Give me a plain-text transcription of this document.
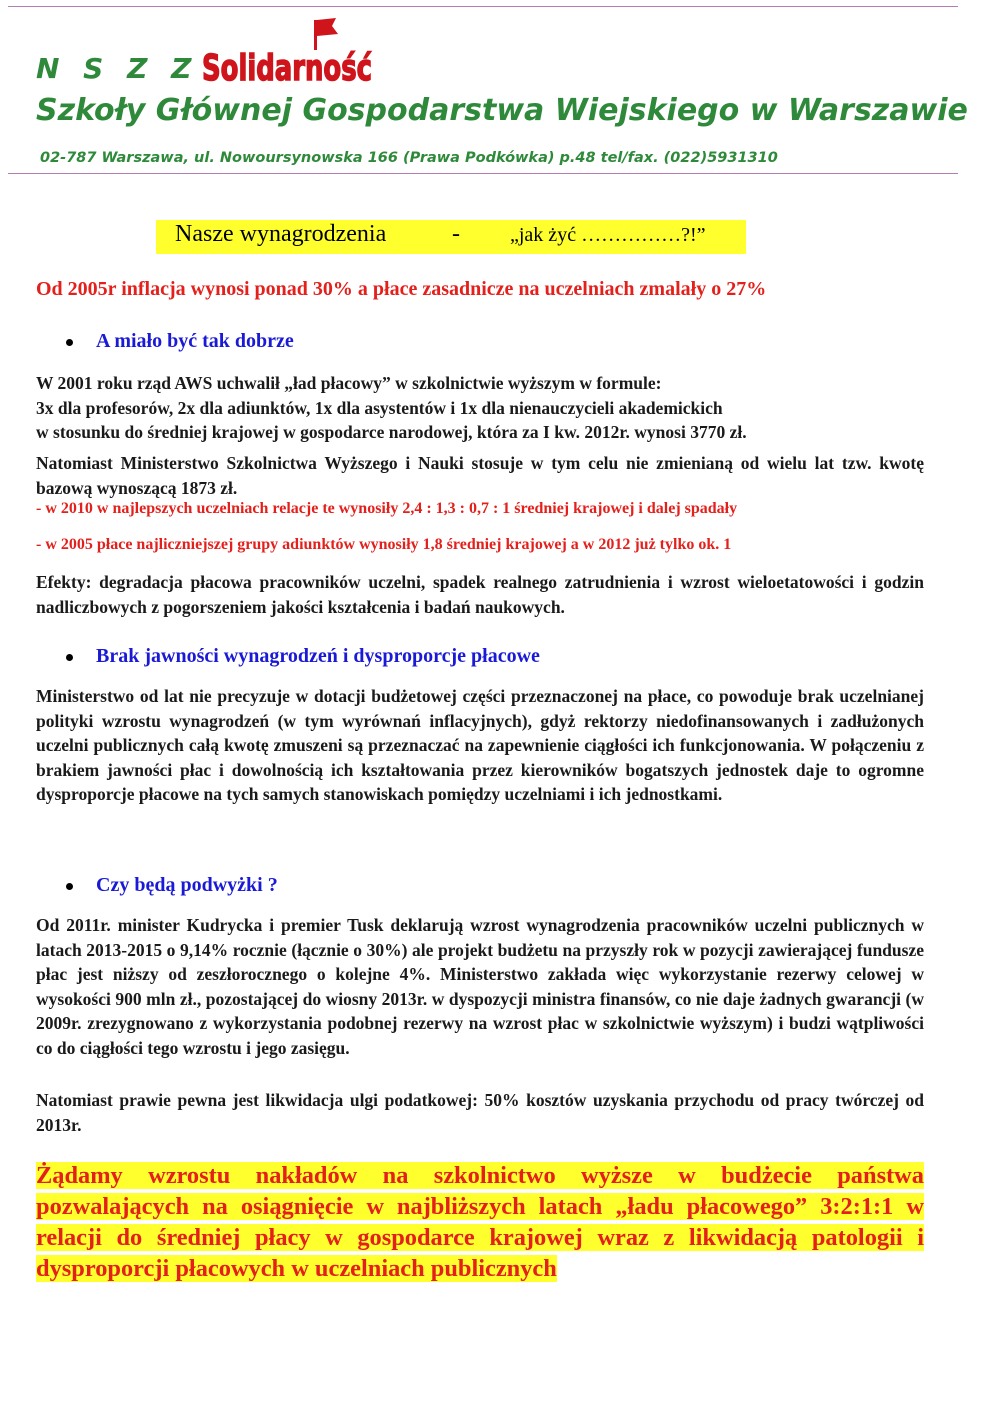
N S Z Z Solidarność
Szkoły Głównej Gospodarstwa Wiejskiego w Warszawie
02-787 Warszawa, ul. Nowoursynowska 166 (Prawa Podkówka) p.48 tel/fax. (022)5931310
Nasze wynagrodzenia	-	„jak żyć ……………?!”
Od 2005r inflacja wynosi ponad 30% a płace zasadnicze na uczelniach zmalały o 27%
A miało być tak dobrze
W 2001 roku rząd AWS uchwalił „ład płacowy” w szkolnictwie wyższym w formule:
3x dla profesorów, 2x dla adiunktów, 1x dla asystentów i 1x dla nienauczycieli akademickich
w stosunku do średniej krajowej w gospodarce narodowej, która za I kw. 2012r. wynosi 3770 zł.
Natomiast Ministerstwo Szkolnictwa Wyższego i Nauki stosuje w tym celu nie zmienianą od wielu lat tzw. kwotę bazową wynoszącą 1873 zł.
- w 2010 w najlepszych uczelniach relacje te wynosiły 2,4 : 1,3 : 0,7 : 1 średniej krajowej i dalej spadały
- w 2005 płace najliczniejszej grupy adiunktów wynosiły 1,8 średniej krajowej a w 2012 już tylko ok. 1
Efekty: degradacja płacowa pracowników uczelni, spadek realnego zatrudnienia i wzrost wieloetatowości i godzin nadliczbowych z pogorszeniem jakości kształcenia i badań naukowych.
Brak jawności wynagrodzeń i dysproporcje płacowe
Ministerstwo od lat nie precyzuje w dotacji budżetowej części przeznaczonej na płace, co powoduje brak uczelnianej polityki wzrostu wynagrodzeń (w tym wyrównań inflacyjnych), gdyż rektorzy niedofinansowanych i zadłużonych uczelni publicznych całą kwotę zmuszeni są przeznaczać na zapewnienie ciągłości ich funkcjonowania. W połączeniu z brakiem jawności płac i dowolnością ich kształtowania przez kierowników bogatszych jednostek daje to ogromne dysproporcje płacowe na tych samych stanowiskach pomiędzy uczelniami i ich jednostkami.
Czy będą podwyżki ?
Od 2011r. minister Kudrycka i premier Tusk deklarują wzrost wynagrodzenia pracowników uczelni publicznych w latach 2013-2015 o 9,14% rocznie (łącznie o 30%) ale projekt budżetu na przyszły rok w pozycji zawierającej fundusze płac jest niższy od zeszłorocznego o kolejne 4%. Ministerstwo zakłada więc wykorzystanie rezerwy celowej w wysokości 900 mln zł., pozostającej do wiosny 2013r. w dyspozycji ministra finansów, co nie daje żadnych gwarancji (w 2009r. zrezygnowano z wykorzystania podobnej rezerwy na wzrost płac w szkolnictwie wyższym) i budzi wątpliwości co do ciągłości tego wzrostu i jego zasięgu.
Natomiast prawie pewna jest likwidacja ulgi podatkowej: 50% kosztów uzyskania przychodu od pracy twórczej od 2013r.
Żądamy wzrostu nakładów na szkolnictwo wyższe w budżecie państwa pozwalających na osiągnięcie w najbliższych latach „ładu płacowego” 3:2:1:1 w relacji do średniej płacy w gospodarce krajowej wraz z likwidacją patologii i dysproporcji płacowych w uczelniach publicznych
